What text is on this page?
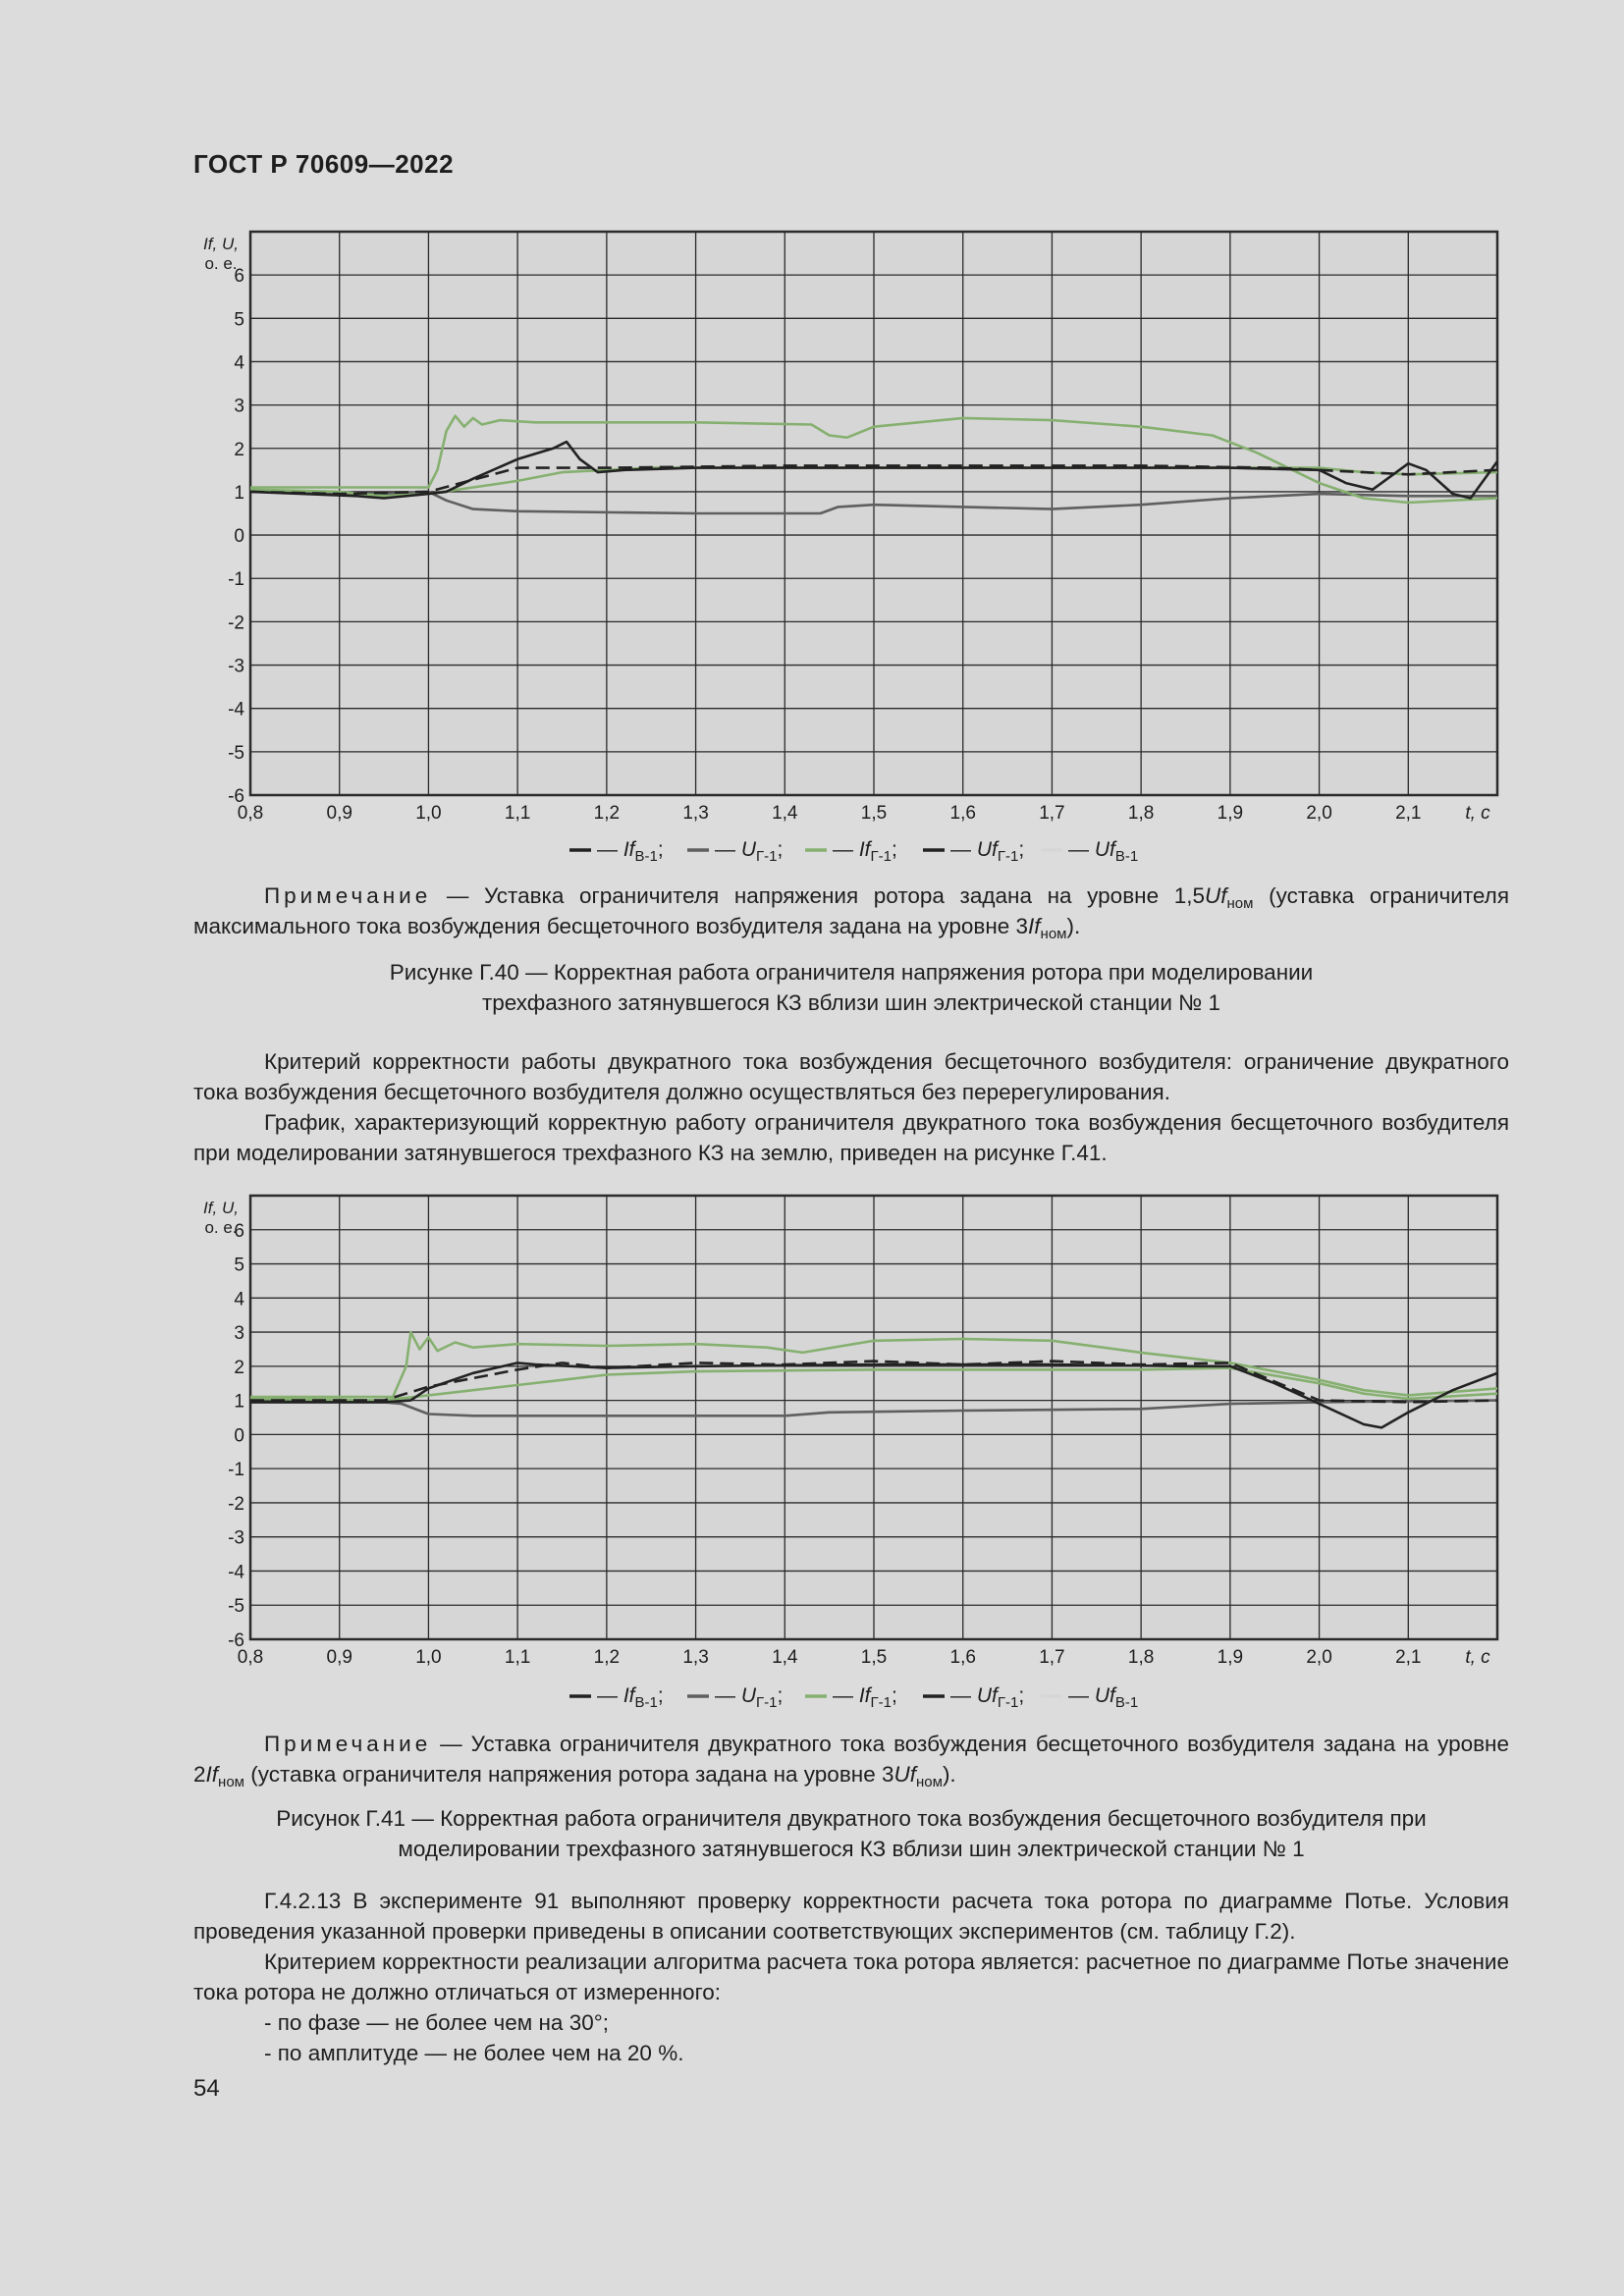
ГОСТ Р 70609—2022
0,8	0,9	1,0	1,1	1,2	1,3	1,4	1,5	1,6	1,7	1,8	1,9	2,0	2,1 t, c
6
5
4
3
2
1
0
-1
-2
-3
-4
-5
-6
If, U,
о. е.
— $If_{В-1}$; — $U_{Г-1}$; — $If_{Г-1}$;	— $Uf_{Г-1}$; — $Uf_{В-1}$
Примечание — Уставка ограничителя напряжения ротора задана на уровне $1,5Uf_{ном}$ (уставка ограничителя максимального тока возбуждения бесщеточного возбудителя задана на уровне $3If_{ном}$).
Рисунке Г.40 — Корректная работа ограничителя напряжения ротора при моделировании
трехфазного затянувшегося КЗ вблизи шин электрической станции № 1

Критерий корректности работы двукратного тока возбуждения бесщеточного возбудителя: ограничение двукратного тока возбуждения бесщеточного возбудителя должно осуществляться без перерегулирования.

График, характеризующий корректную работу ограничителя двукратного тока возбуждения бесщеточного возбудителя при моделировании затянувшегося трехфазного КЗ на землю, приведен на рисунке Г.41.

0,8	0,9	1,0	1,1	1,2	1,3	1,4	1,5	1,6	1,7	1,8	1,9	2,0	2,1 t, c
6
5
4
3
2
1
0
-1
-2
-3
-4
-5
-6
If, U,
о. е.
— $If_{В-1}$; — $U_{Г-1}$; — $If_{Г-1}$;	— $Uf_{Г-1}$; — $Uf_{В-1}$
Примечание — Уставка ограничителя двукратного тока возбуждения бесщеточного возбудителя задана на уровне $2If_{ном}$ (уставка ограничителя напряжения ротора задана на уровне $3Uf_{ном}$).
Рисунок Г.41 — Корректная работа ограничителя двукратного тока возбуждения бесщеточного возбудителя при
моделировании трехфазного затянувшегося КЗ вблизи шин электрической станции № 1

Г.4.2.13 В эксперименте 91 выполняют проверку корректности расчета тока ротора по диаграмме Потье. Условия проведения указанной проверки приведены в описании соответствующих экспериментов (см. таблицу Г.2).

Критерием корректности реализации алгоритма расчета тока ротора является: расчетное по диаграмме Потье значение тока ротора не должно отличаться от измеренного:

- по фазе — не более чем на 30°;

- по амплитуде — не более чем на 20 %.

54
